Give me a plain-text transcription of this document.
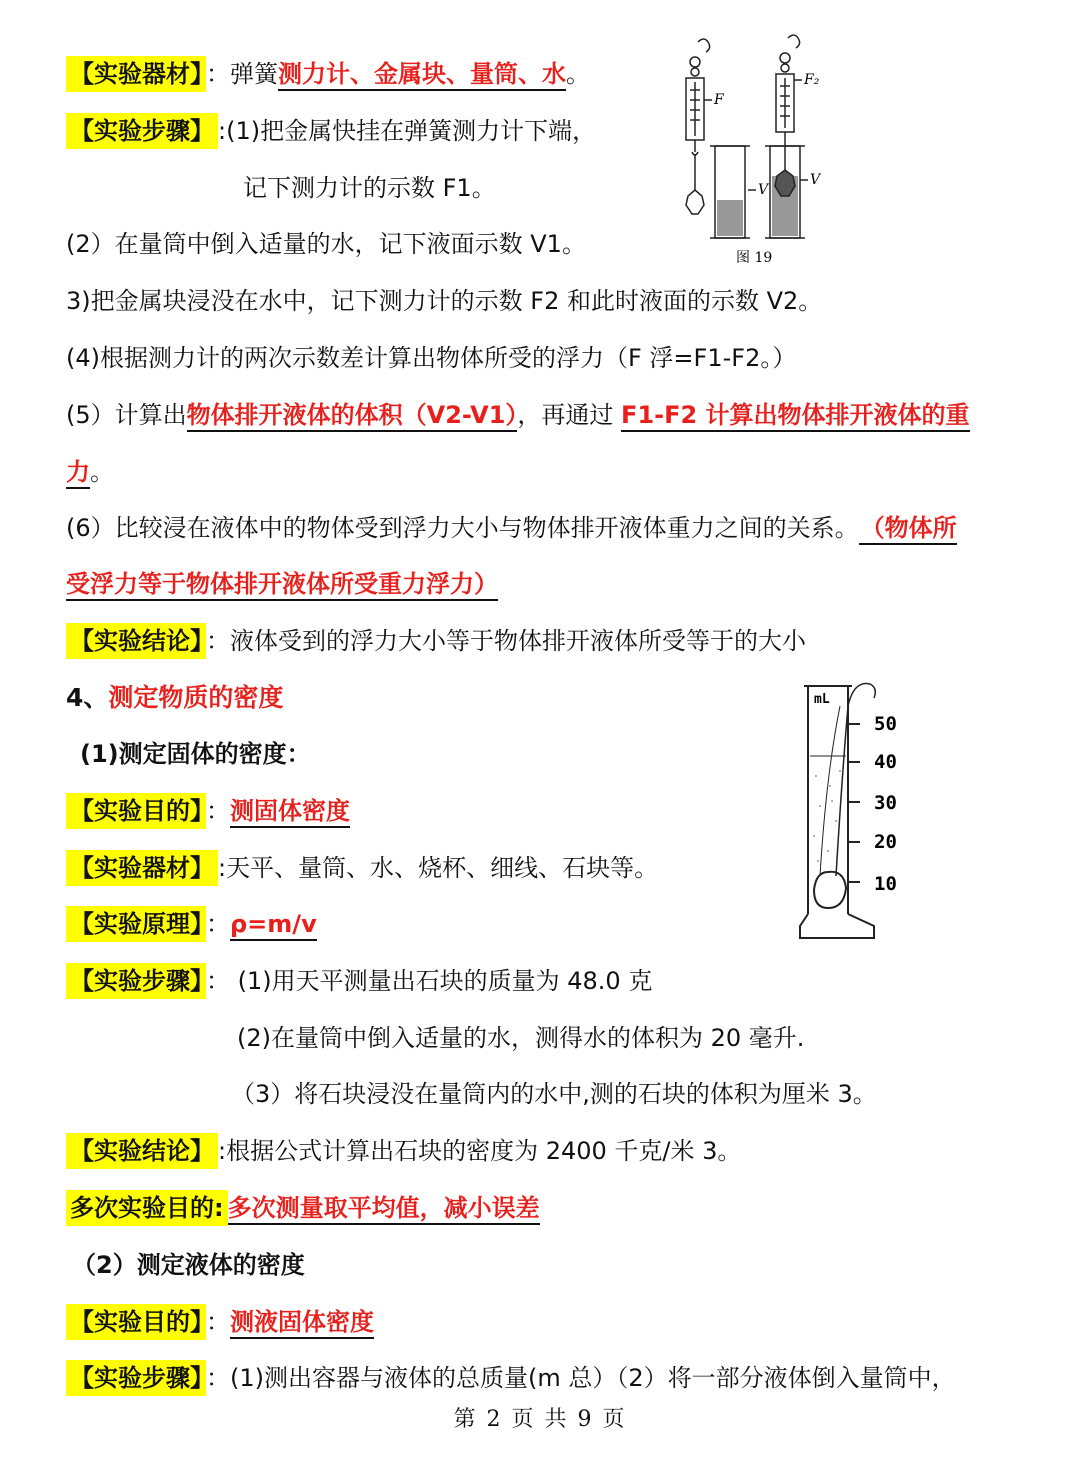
【实验器材】 ：弹簧测力计、金属块、量筒、水。
【实验步骤】 :(1)把金属快挂在弹簧测力计下端，
记下测力计的示数 F1。
(2）在量筒中倒入适量的水，记下液面示数 V1。
3)把金属块浸没在水中，记下测力计的示数 F2 和此时液面的示数 V2。
(4)根据测力计的两次示数差计算出物体所受的浮力（F 浮=F1-F2。）
(5）计算出物体排开液体的体积（V2-V1），再通过 F1-F2 计算出物体排开液体的重
力。
(6）比较浸在液体中的物体受到浮力大小与物体排开液体重力之间的关系。 （物体所
受浮力等于物体排开液体所受重力浮力）
【实验结论】 ：液体受到的浮力大小等于物体排开液体所受等于的大小
F
F₂
V
V
图 19
4、测定物质的密度
(1)测定固体的密度：
【实验目的】 ：测固体密度
【实验器材】 :天平、量筒、水、烧杯、细线、石块等。
【实验原理】 ：ρ=m/v
【实验步骤】 ： (1)用天平测量出石块的质量为 48.0 克
(2)在量筒中倒入适量的水，测得水的体积为 20 毫升.
（3）将石块浸没在量筒内的水中,测的石块的体积为厘米 3。
【实验结论】 :根据公式计算出石块的密度为 2400 千克/米 3。
多次实验目的: 多次测量取平均值，减小误差
mL
50
40
30
20
10
（2）测定液体的密度
【实验目的】 ：测液固体密度
【实验步骤】 ：(1)测出容器与液体的总质量(m 总）（2）将一部分液体倒入量筒中，
第 2 页 共 9 页
